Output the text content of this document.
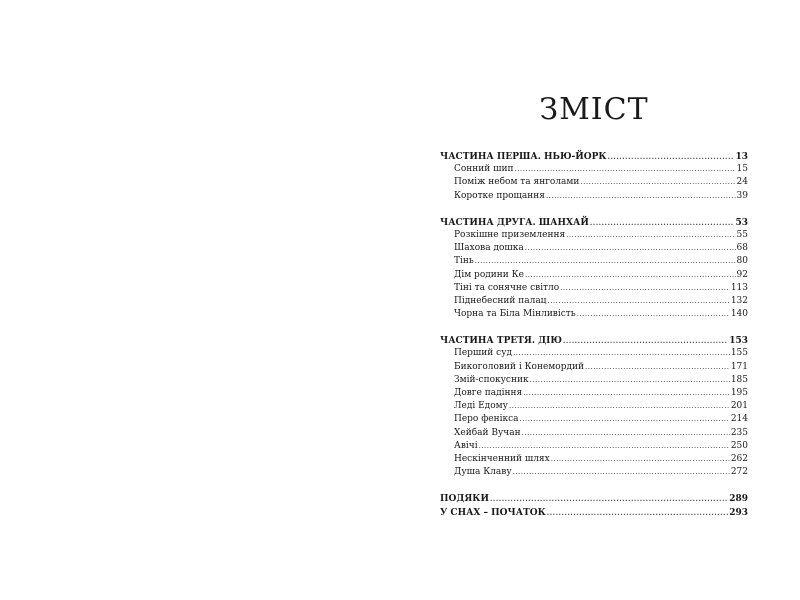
ЗМІСТ
ЧАСТИНА ПЕРША. НЬЮ-ЙОРК .....	13
Сонний шип .....	15
Поміж небом та янголами .....	24
Коротке прощання .....	39
ЧАСТИНА ДРУГА. ШАНХАЙ .....	53
Розкішне приземлення .....	55
Шахова дошка .....	68
Тінь .....	80
Дім родини Ке .....	92
Тіні та сонячне світло .....	113
Піднебесний палац .....	132
Чорна та Біла Мінливість .....	140
ЧАСТИНА ТРЕТЯ. ДІЮ .....	153
Перший суд .....	155
Бикоголовий і Конемордий .....	171
Змій-спокусник .....	185
Довге падіння .....	195
Леді Едому .....	201
Перо фенікса .....	214
Хейбай Вучан .....	235
Авічі .....	250
Нескінченний шлях .....	262
Душа Клаву .....	272
ПОДЯКИ .....	289
У СНАХ – ПОЧАТОК .....	293
